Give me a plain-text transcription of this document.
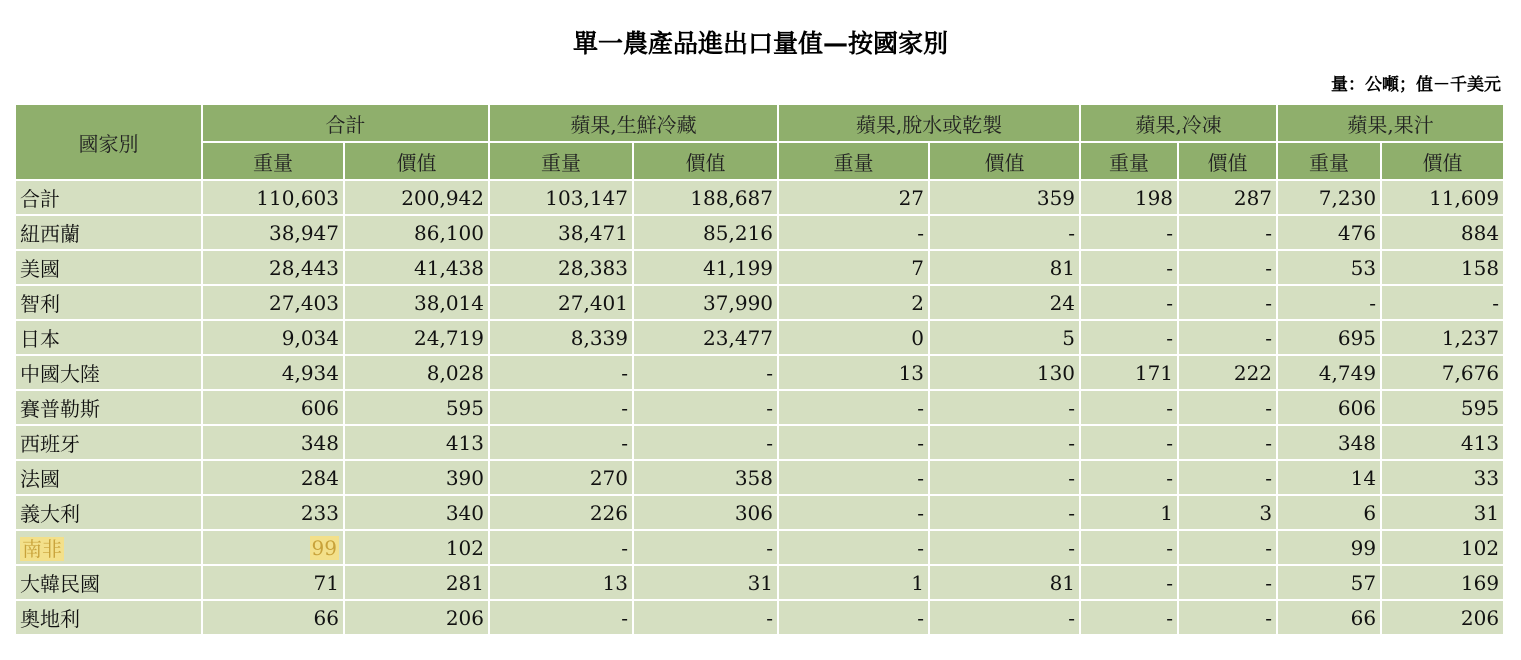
單一農產品進出口量值—按國家別
量：公噸；值－千美元
國家別	合計		蘋果,生鮮冷藏		蘋果,脫水或乾製		蘋果,冷凍		蘋果,果汁	
	重量	價值	重量	價值	重量	價值	重量	價值	重量	價值
合計	110,603	200,942	103,147	188,687	27	359	198	287	7,230	11,609
紐西蘭	38,947	86,100	38,471	85,216	-	-	-	-	476	884
美國	28,443	41,438	28,383	41,199	7	81	-	-	53	158
智利	27,403	38,014	27,401	37,990	2	24	-	-	-	-
日本	9,034	24,719	8,339	23,477	0	5	-	-	695	1,237
中國大陸	4,934	8,028	-	-	13	130	171	222	4,749	7,676
賽普勒斯	606	595	-	-	-	-	-	-	606	595
西班牙	348	413	-	-	-	-	-	-	348	413
法國	284	390	270	358	-	-	-	-	14	33
義大利	233	340	226	306	-	-	1	3	6	31
南非	99	102	-	-	-	-	-	-	99	102
大韓民國	71	281	13	31	1	81	-	-	57	169
奧地利	66	206	-	-	-	-	-	-	66	206
